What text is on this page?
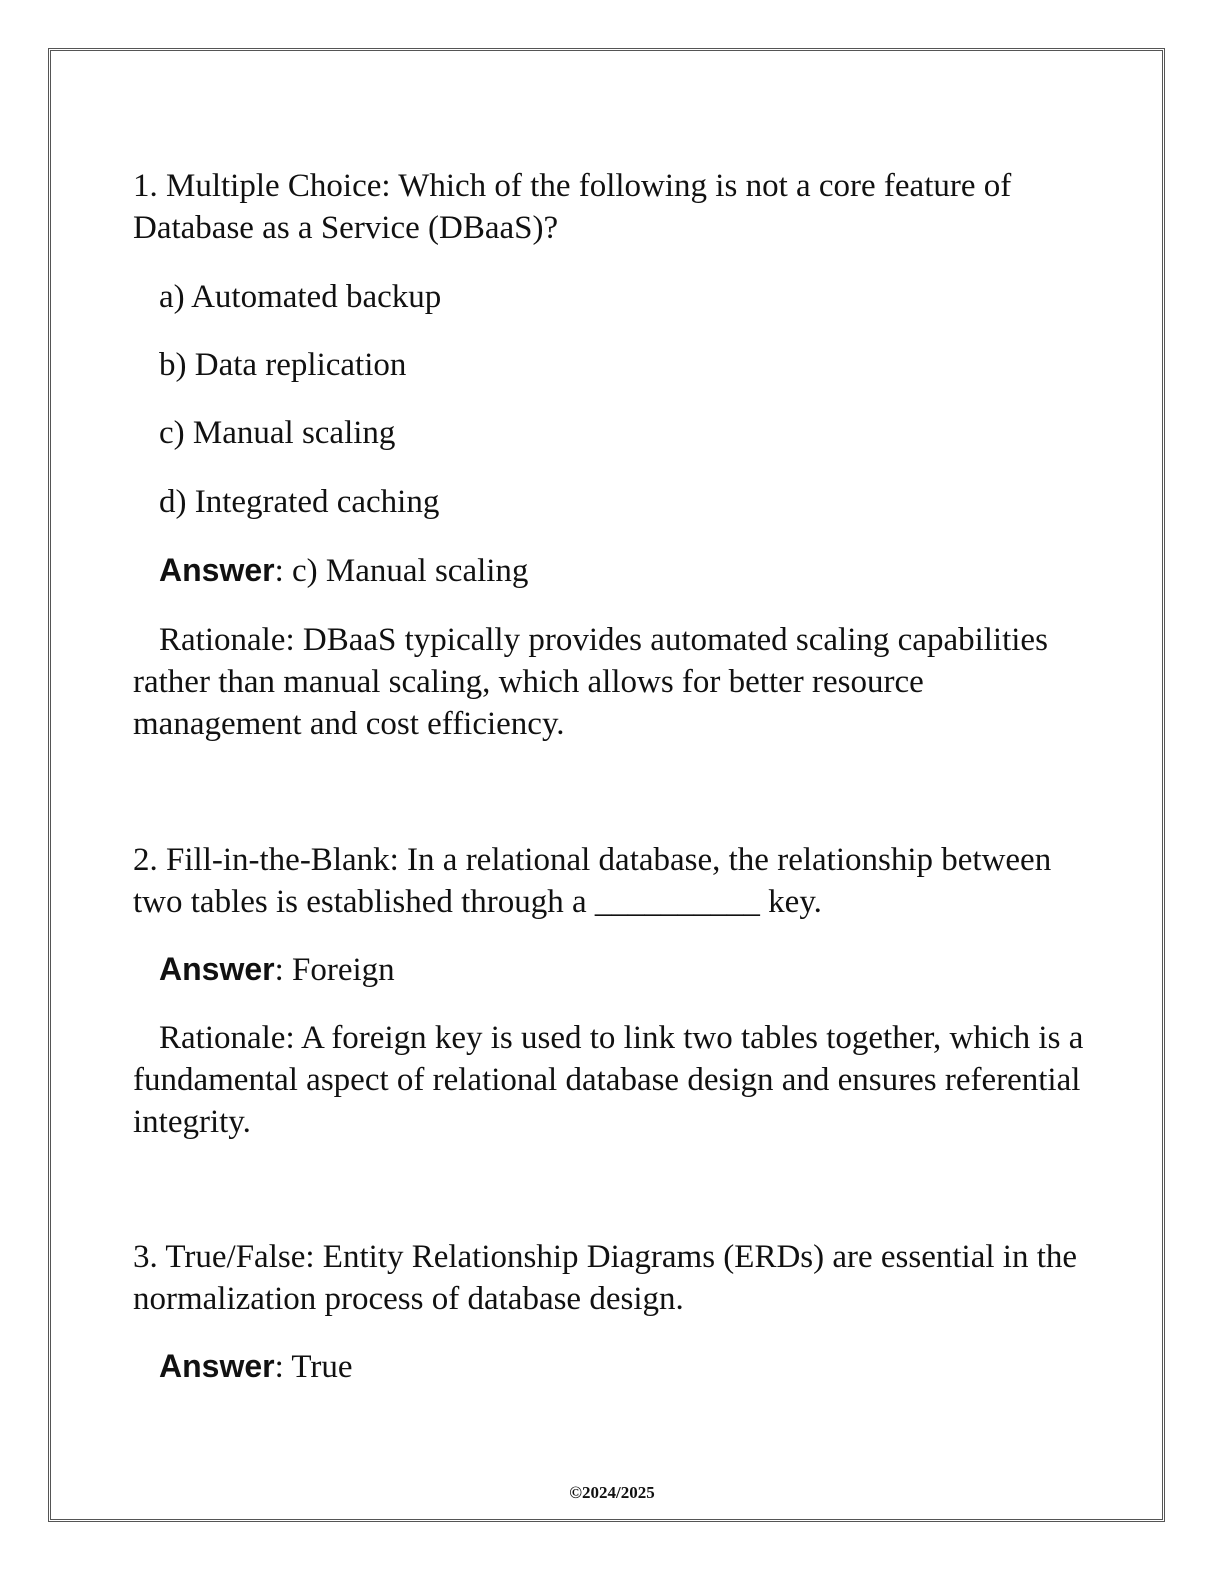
1. Multiple Choice: Which of the following is not a core feature of Database as a Service (DBaaS)?

a) Automated backup

b) Data replication

c) Manual scaling

d) Integrated caching

Answer: c) Manual scaling

Rationale: DBaaS typically provides automated scaling capabilities rather than manual scaling, which allows for better resource management and cost efficiency.

2. Fill-in-the-Blank: In a relational database, the relationship between two tables is established through a __________ key.

Answer: Foreign

Rationale: A foreign key is used to link two tables together, which is a fundamental aspect of relational database design and ensures referential integrity.

3. True/False: Entity Relationship Diagrams (ERDs) are essential in the normalization process of database design.

Answer: True

©2024/2025
